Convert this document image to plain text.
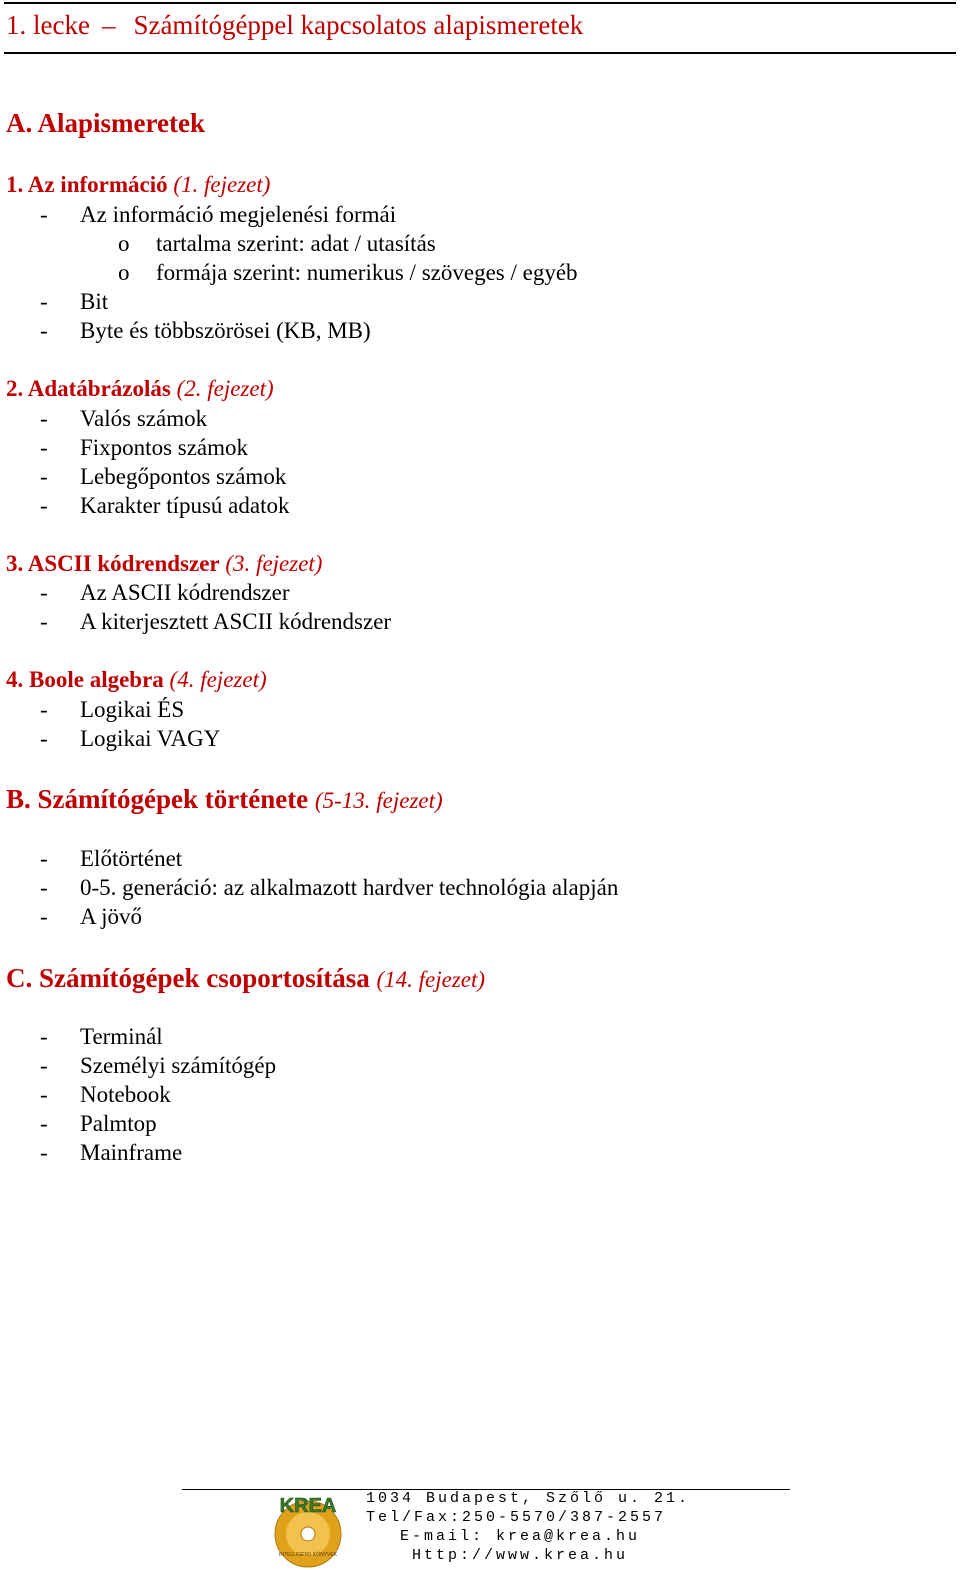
1. lecke – Számítógéppel kapcsolatos alapismeretek
A. Alapismeretek
1. Az információ (1. fejezet)
- Az információ megjelenési formái
o tartalma szerint: adat / utasítás
o formája szerint: numerikus / szöveges / egyéb
- Bit
- Byte és többszörösei (KB, MB)
2. Adatábrázolás (2. fejezet)
- Valós számok
- Fixpontos számok
- Lebegőpontos számok
- Karakter típusú adatok
3. ASCII kódrendszer (3. fejezet)
- Az ASCII kódrendszer
- A kiterjesztett ASCII kódrendszer
4. Boole algebra (4. fejezet)
- Logikai ÉS
- Logikai VAGY
B. Számítógépek története (5-13. fejezet)
- Előtörténet
- 0-5. generáció: az alkalmazott hardver technológia alapján
- A jövő
C. Számítógépek csoportosítása (14. fejezet)
- Terminál
- Személyi számítógép
- Notebook
- Palmtop
- Mainframe
KREA
INTELLIGENS KÖNYVEK
1034 Budapest, Szőlő u. 21.
Tel/Fax:250-5570/387-2557
E-mail: krea@krea.hu
Http://www.krea.hu
